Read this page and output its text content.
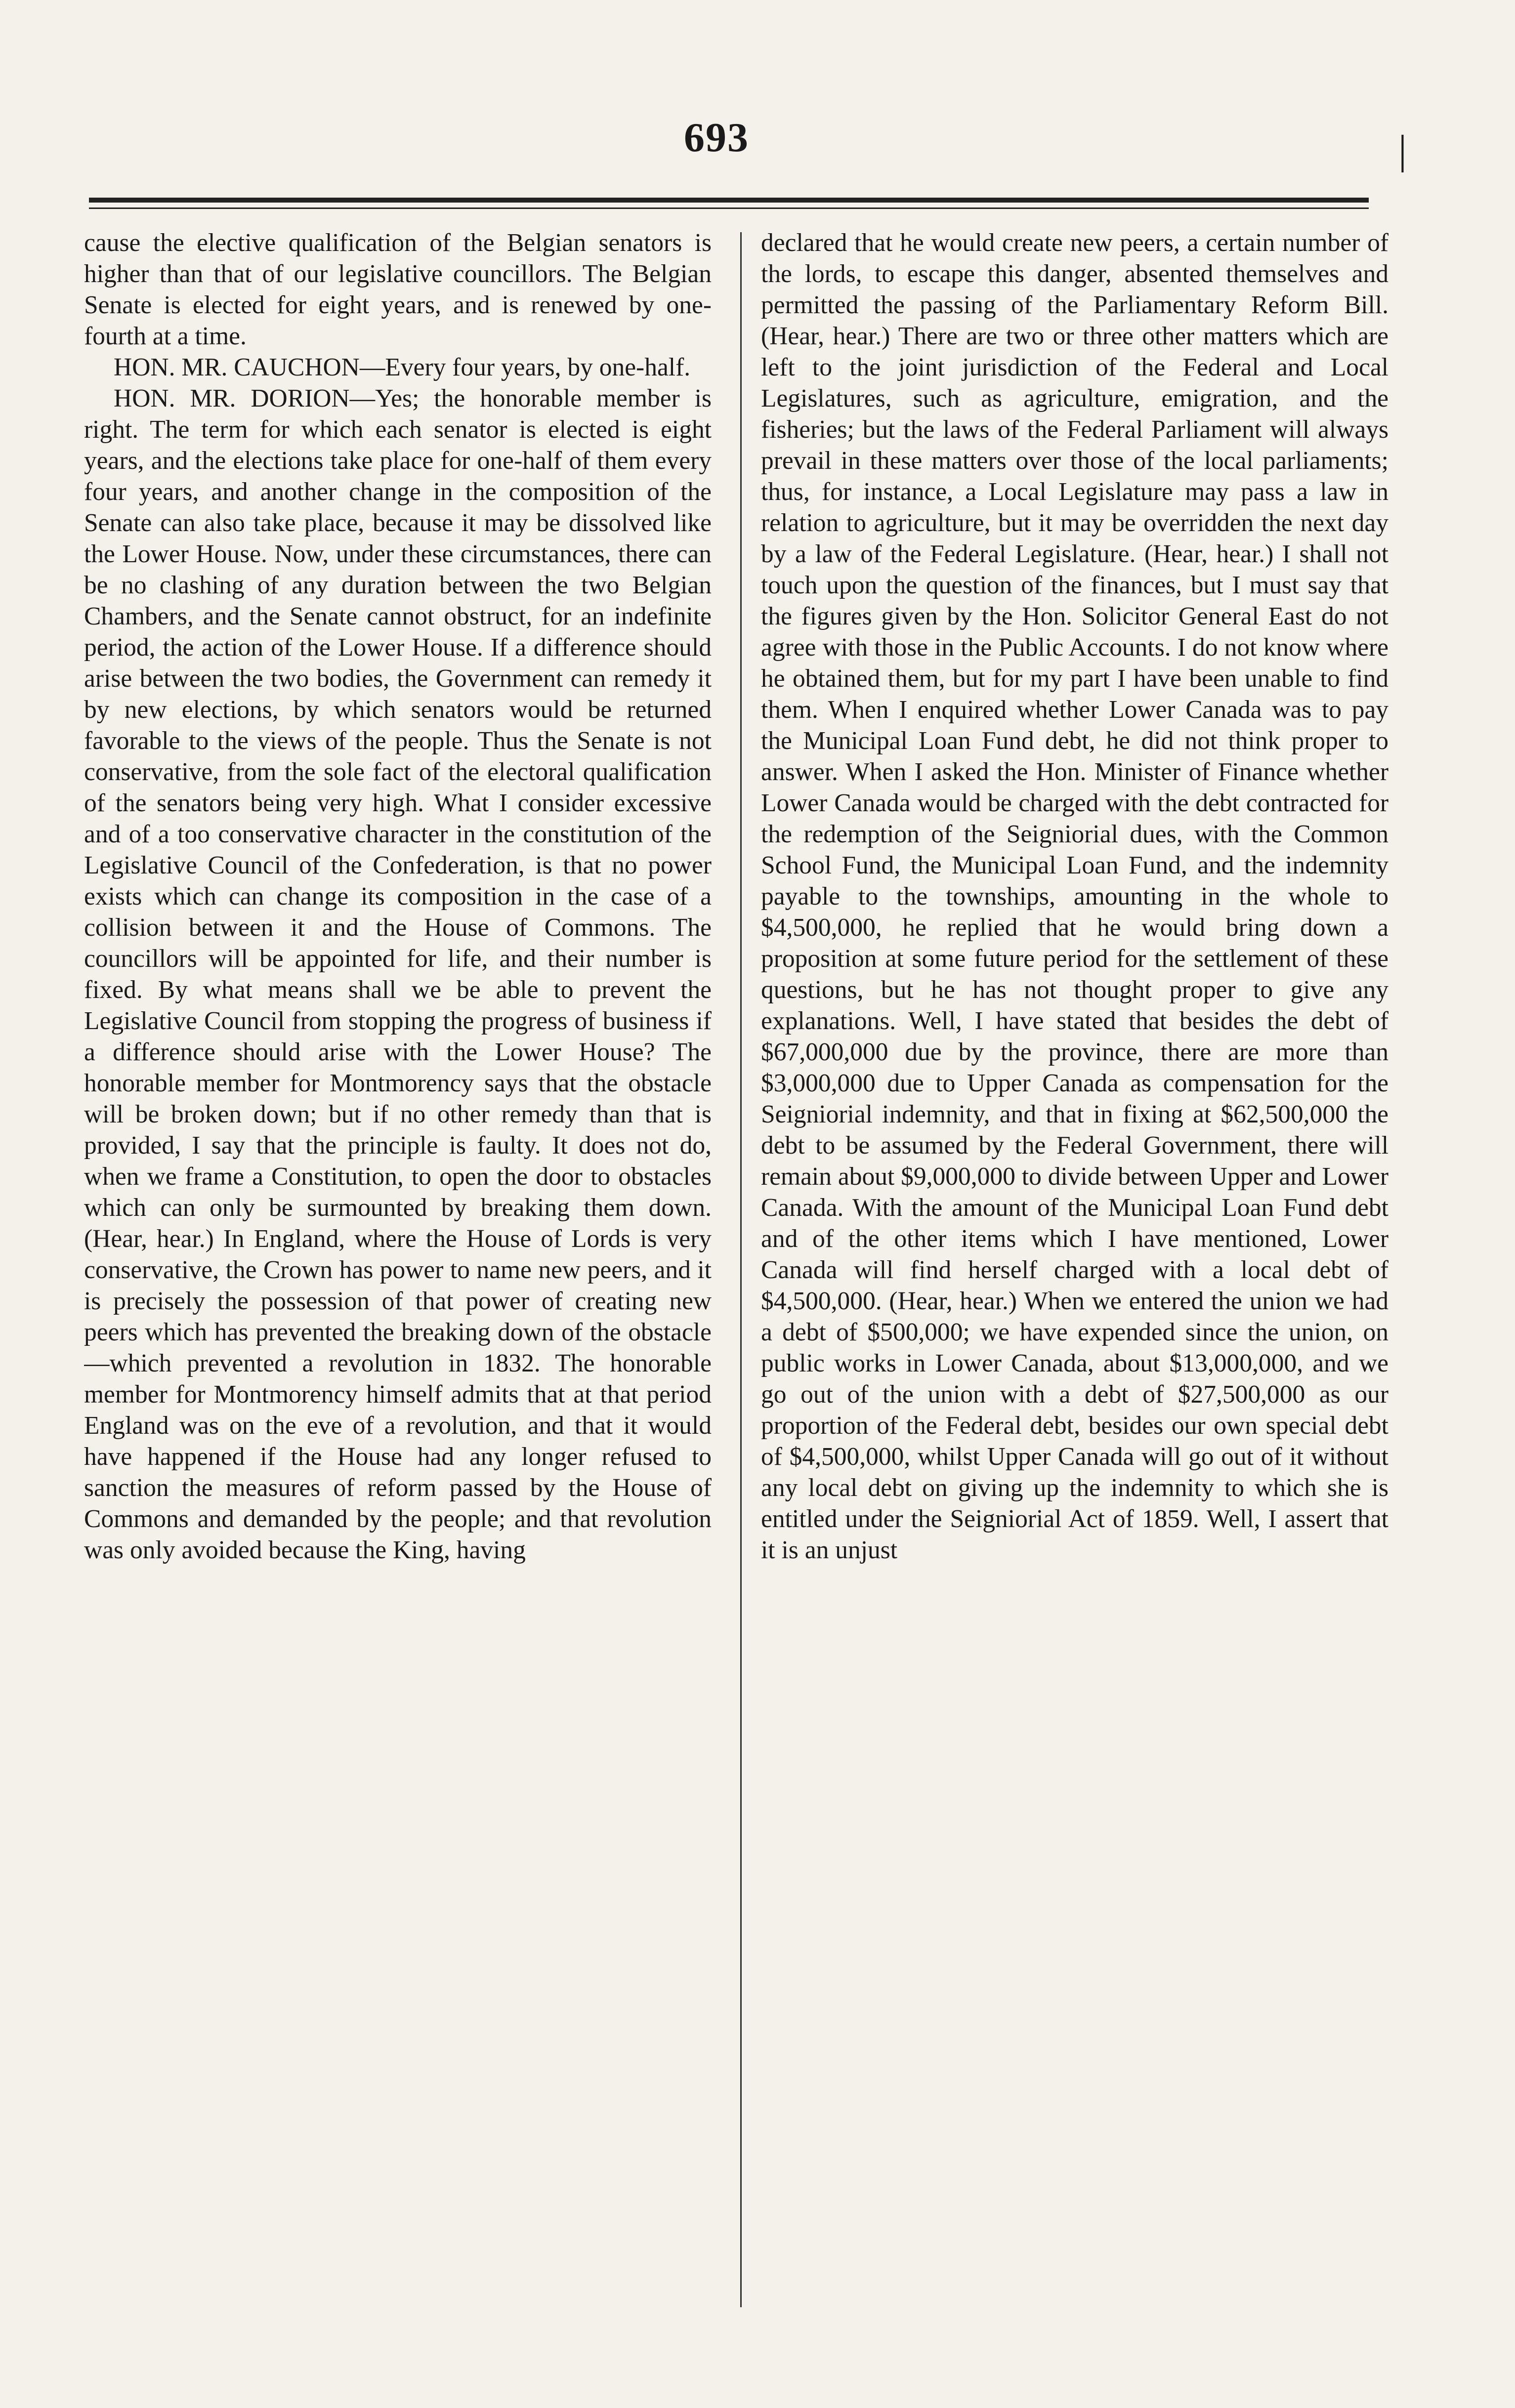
693	|

cause the elective qualification of the Belgian senators is higher than that of our legislative councillors. The Belgian Senate is elected for eight years, and is renewed by one-fourth at a time.

HON. MR. CAUCHON—Every four years, by one-half.

HON. MR. DORION—Yes; the honorable member is right. The term for which each senator is elected is eight years, and the elections take place for one-half of them every four years, and another change in the composition of the Senate can also take place, because it may be dissolved like the Lower House. Now, under these circumstances, there can be no clashing of any duration between the two Belgian Chambers, and the Senate cannot obstruct, for an indefinite period, the action of the Lower House. If a difference should arise between the two bodies, the Government can remedy it by new elections, by which senators would be returned favorable to the views of the people. Thus the Senate is not conservative, from the sole fact of the electoral qualification of the senators being very high. What I consider excessive and of a too conservative character in the constitution of the Legislative Council of the Confederation, is that no power exists which can change its composition in the case of a collision between it and the House of Commons. The councillors will be appointed for life, and their number is fixed. By what means shall we be able to prevent the Legislative Council from stopping the progress of business if a difference should arise with the Lower House? The honorable member for Montmorency says that the obstacle will be broken down; but if no other remedy than that is provided, I say that the principle is faulty. It does not do, when we frame a Constitution, to open the door to obstacles which can only be surmounted by breaking them down. (Hear, hear.) In England, where the House of Lords is very conservative, the Crown has power to name new peers, and it is precisely the possession of that power of creating new peers which has prevented the breaking down of the obstacle—which prevented a revolution in 1832. The honorable member for Montmorency himself admits that at that period England was on the eve of a revolution, and that it would have happened if the House had any longer refused to sanction the measures of reform passed by the House of Commons and demanded by the people; and that revolution was only avoided because the King, having

declared that he would create new peers, a certain number of the lords, to escape this danger, absented themselves and permitted the passing of the Parliamentary Reform Bill. (Hear, hear.) There are two or three other matters which are left to the joint jurisdiction of the Federal and Local Legislatures, such as agriculture, emigration, and the fisheries; but the laws of the Federal Parliament will always prevail in these matters over those of the local parliaments; thus, for instance, a Local Legislature may pass a law in relation to agriculture, but it may be overridden the next day by a law of the Federal Legislature. (Hear, hear.) I shall not touch upon the question of the finances, but I must say that the figures given by the Hon. Solicitor General East do not agree with those in the Public Accounts. I do not know where he obtained them, but for my part I have been unable to find them. When I enquired whether Lower Canada was to pay the Municipal Loan Fund debt, he did not think proper to answer. When I asked the Hon. Minister of Finance whether Lower Canada would be charged with the debt contracted for the redemption of the Seigniorial dues, with the Common School Fund, the Municipal Loan Fund, and the indemnity payable to the townships, amounting in the whole to $4,500,000, he replied that he would bring down a proposition at some future period for the settlement of these questions, but he has not thought proper to give any explanations. Well, I have stated that besides the debt of $67,000,000 due by the province, there are more than $3,000,000 due to Upper Canada as compensation for the Seigniorial indemnity, and that in fixing at $62,500,000 the debt to be assumed by the Federal Government, there will remain about $9,000,000 to divide between Upper and Lower Canada. With the amount of the Municipal Loan Fund debt and of the other items which I have mentioned, Lower Canada will find herself charged with a local debt of $4,500,000. (Hear, hear.) When we entered the union we had a debt of $500,000; we have expended since the union, on public works in Lower Canada, about $13,000,000, and we go out of the union with a debt of $27,500,000 as our proportion of the Federal debt, besides our own special debt of $4,500,000, whilst Upper Canada will go out of it without any local debt on giving up the indemnity to which she is entitled under the Seigniorial Act of 1859. Well, I assert that it is an unjust
